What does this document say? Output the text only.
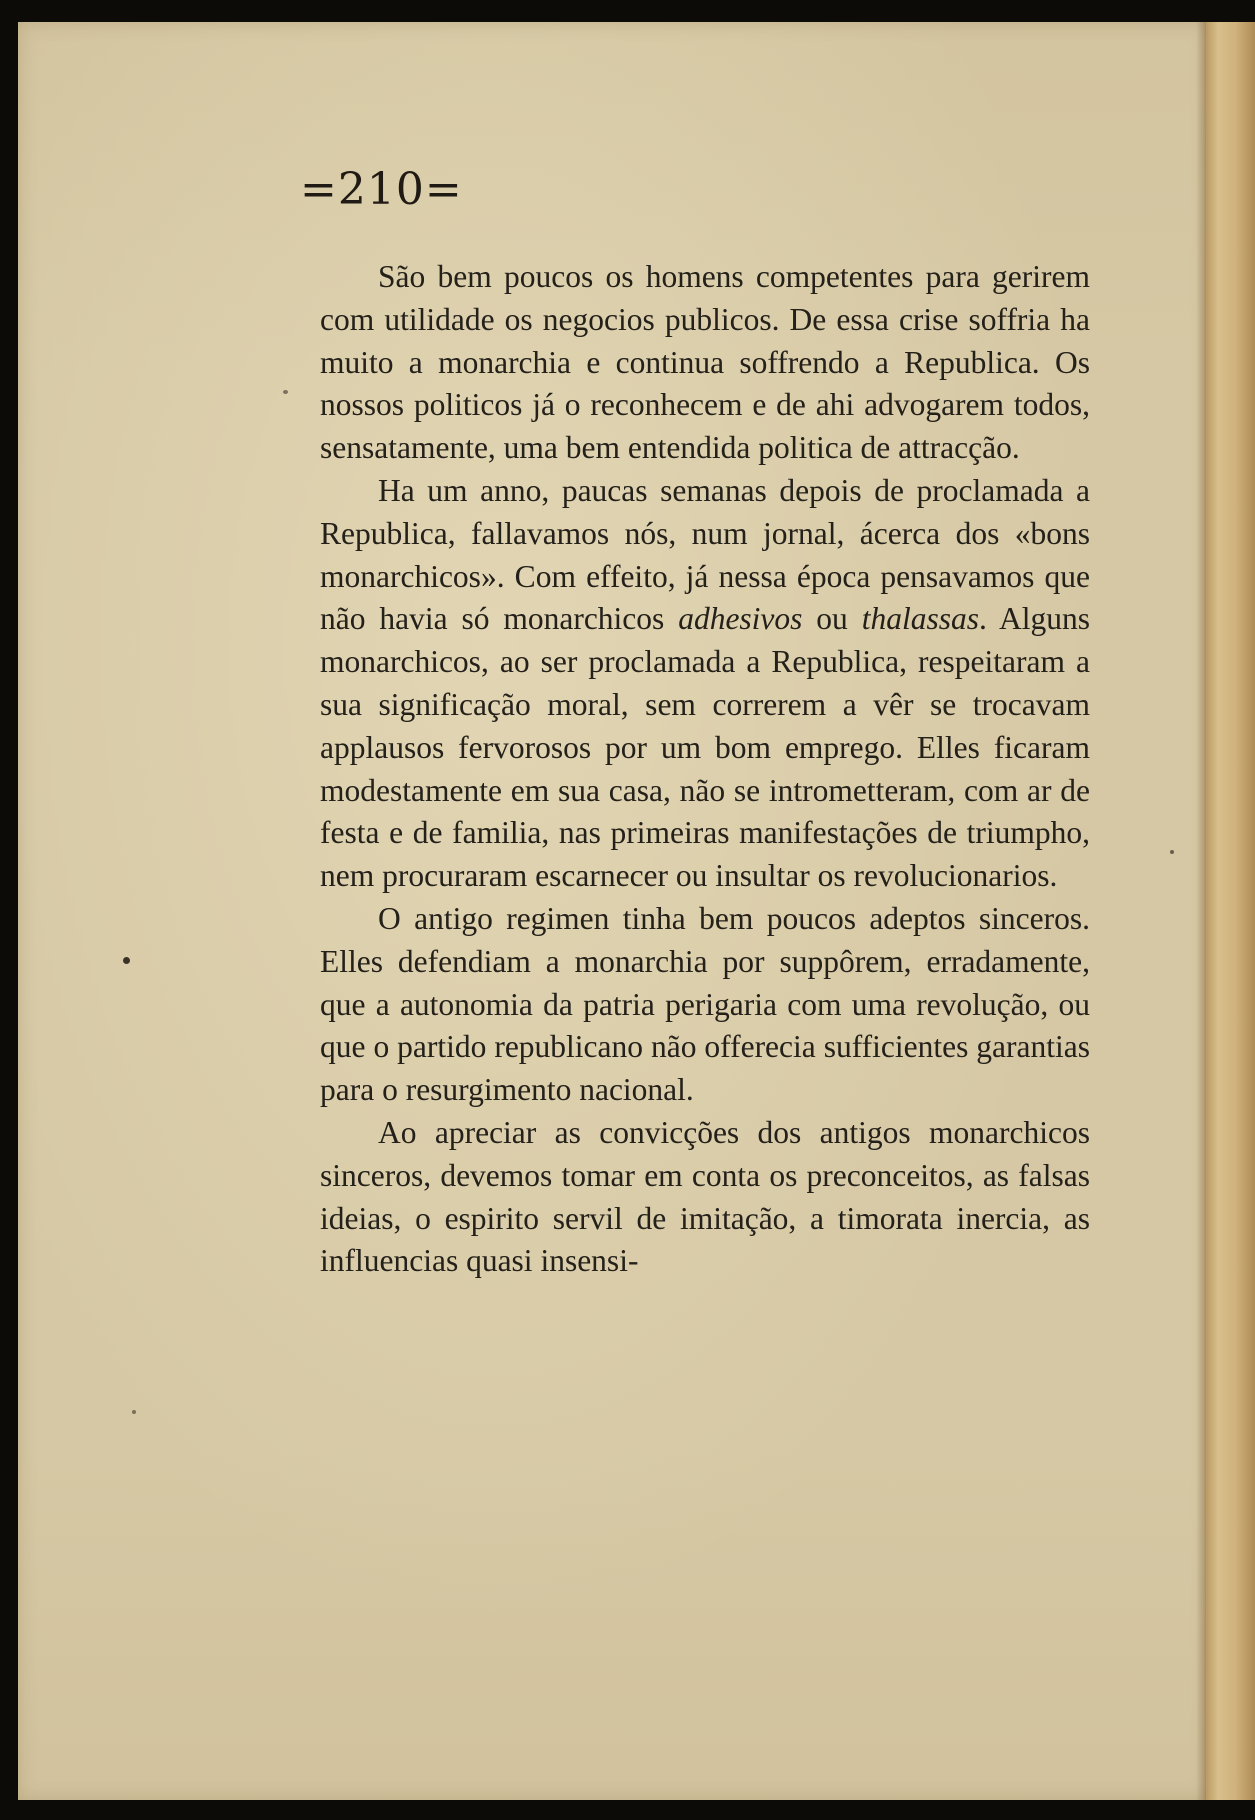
=210=

São bem poucos os homens competentes para gerirem com utilidade os negocios publicos. De essa crise soffria ha muito a monarchia e continua soffrendo a Republica. Os nossos politicos já o reconhecem e de ahi advogarem todos, sensatamente, uma bem entendida politica de attracção.

Ha um anno, paucas semanas depois de proclamada a Republica, fallavamos nós, num jornal, ácerca dos «bons monarchicos». Com effeito, já nessa época pensavamos que não havia só monarchicos adhesivos ou thalassas. Alguns monarchicos, ao ser proclamada a Republica, respeitaram a sua significação moral, sem correrem a vêr se trocavam applausos fervorosos por um bom emprego. Elles ficaram modestamente em sua casa, não se intrometteram, com ar de festa e de familia, nas primeiras manifestações de triumpho, nem procuraram escarnecer ou insultar os revolucionarios.

O antigo regimen tinha bem poucos adeptos sinceros. Elles defendiam a monarchia por suppôrem, erradamente, que a autonomia da patria perigaria com uma revolução, ou que o partido republicano não offerecia sufficientes garantias para o resurgimento nacional.

Ao apreciar as convicções dos antigos monarchicos sinceros, devemos tomar em conta os preconceitos, as falsas ideias, o espirito servil de imitação, a timorata inercia, as influencias quasi insensi-
